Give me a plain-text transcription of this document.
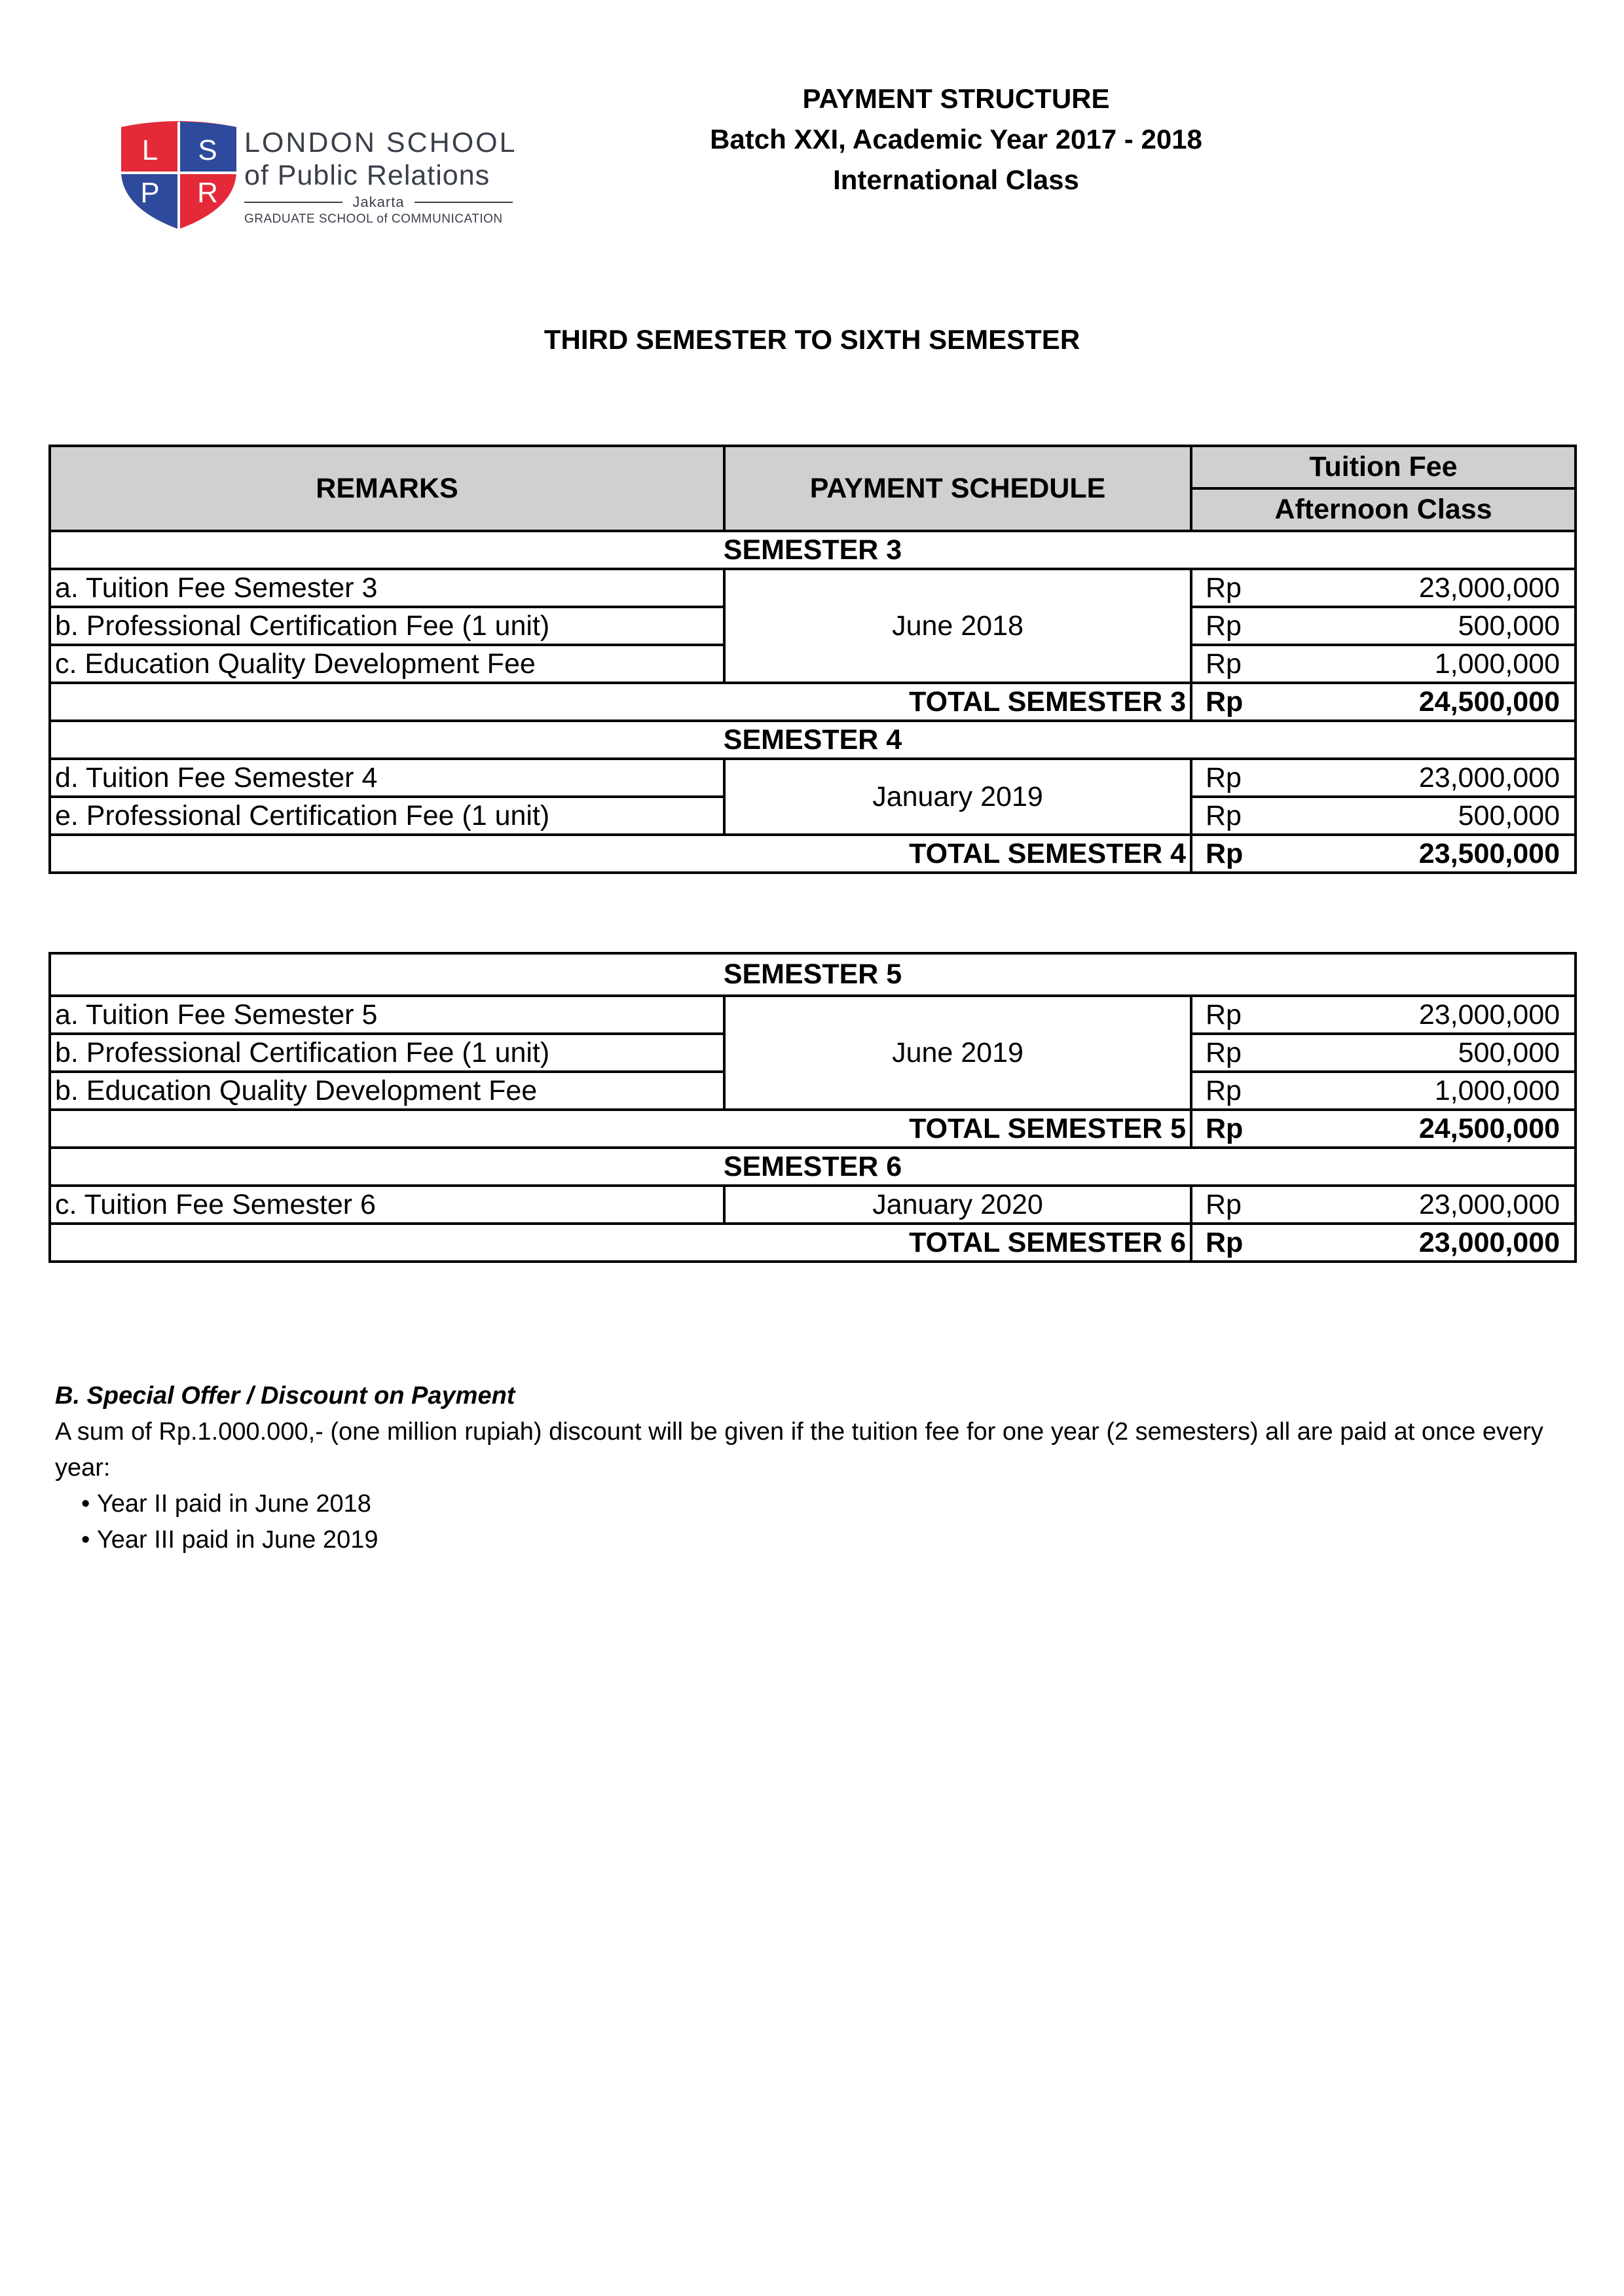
L S
P R
LONDON SCHOOL
of Public Relations
Jakarta
GRADUATE SCHOOL of COMMUNICATION
PAYMENT STRUCTURE
Batch XXI, Academic Year 2017 - 2018
International Class
THIRD SEMESTER TO SIXTH SEMESTER
REMARKS	PAYMENT SCHEDULE	Tuition Fee
		Afternoon Class
SEMESTER 3		
a. Tuition Fee Semester 3	June 2018	Rp 23,000,000

b. Professional Certification Fee (1 unit)		Rp 500,000

c. Education Quality Development Fee		Rp 1,000,000

TOTAL SEMESTER 3		Rp 24,500,000

SEMESTER 4		
d. Tuition Fee Semester 4	January 2019	Rp 23,000,000

e. Professional Certification Fee (1 unit)		Rp 500,000

TOTAL SEMESTER 4		Rp 23,500,000
SEMESTER 5		
a. Tuition Fee Semester 5	June 2019	Rp 23,000,000

b. Professional Certification Fee (1 unit)		Rp 500,000

b. Education Quality Development Fee		Rp 1,000,000

TOTAL SEMESTER 5		Rp 24,500,000

SEMESTER 6		
c. Tuition Fee Semester 6	January 2020	Rp 23,000,000

TOTAL SEMESTER 6		Rp 23,000,000
B. Special Offer / Discount on Payment
A sum of Rp.1.000.000,- (one million rupiah) discount will be given if the tuition fee for one year (2 semesters) all are paid at once every year:
• Year II paid in June 2018
• Year III paid in June 2019
